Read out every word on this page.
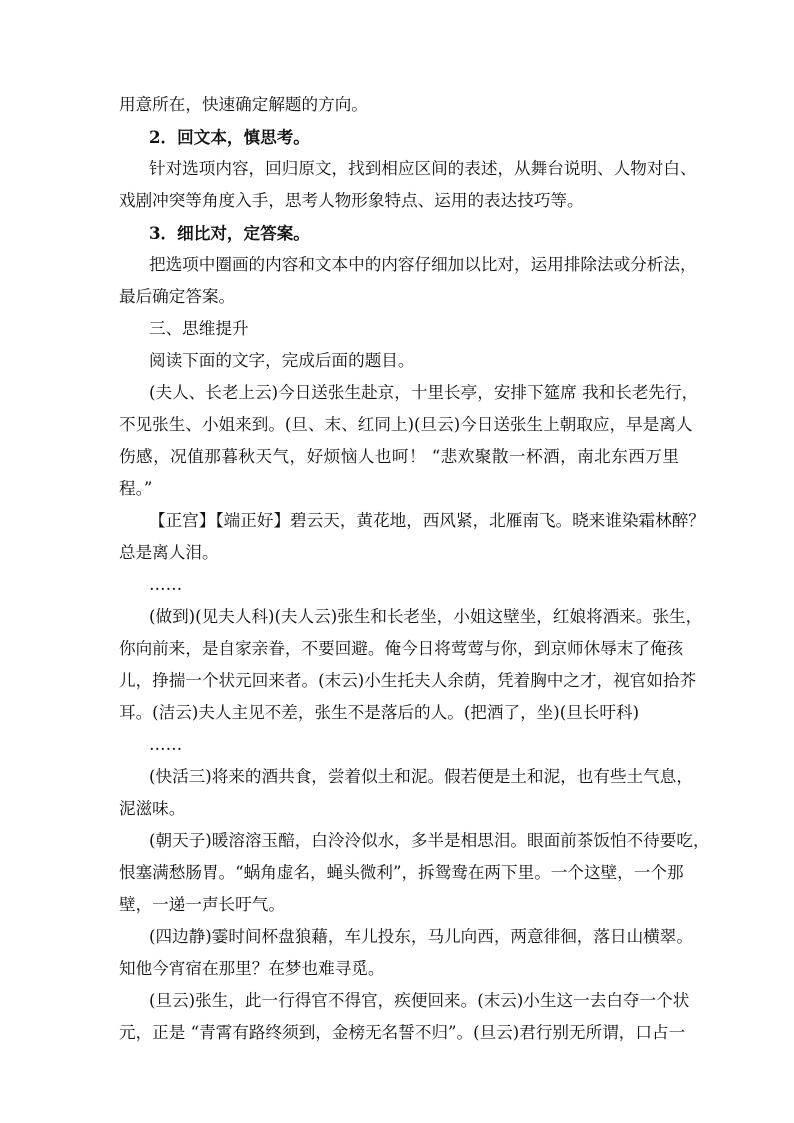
用意所在，快速确定解题的方向。
2．回文本，慎思考。
针对选项内容，回归原文，找到相应区间的表述，从舞台说明、人物对白、
戏剧冲突等角度入手，思考人物形象特点、运用的表达技巧等。
3．细比对，定答案。
把选项中圈画的内容和文本中的内容仔细加以比对，运用排除法或分析法，
最后确定答案。
三、思维提升
阅读下面的文字，完成后面的题目。
(夫人、长老上云)今日送张生赴京，十里长亭，安排下筵席 我和长老先行，
不见张生、小姐来到。(旦、末、红同上)(旦云)今日送张生上朝取应，早是离人
伤感，况值那暮秋天气，好烦恼人也呵！ “悲欢聚散一杯酒，南北东西万里
程。”
【正宫】【端正好】碧云天，黄花地，西风紧，北雁南飞。晓来谁染霜林醉？
总是离人泪。
……
(做到)(见夫人科)(夫人云)张生和长老坐，小姐这壁坐，红娘将酒来。张生，
你向前来，是自家亲眷，不要回避。俺今日将莺莺与你，到京师休辱末了俺孩
儿，挣揣一个状元回来者。(末云)小生托夫人余荫，凭着胸中之才，视官如拾芥
耳。(洁云)夫人主见不差，张生不是落后的人。(把酒了，坐)(旦长吁科)
……
(快活三)将来的酒共食，尝着似土和泥。假若便是土和泥，也有些土气息，
泥滋味。
(朝天子)暖溶溶玉醅，白泠泠似水，多半是相思泪。眼面前茶饭怕不待要吃，
恨塞满愁肠胃。“蜗角虚名，蝇头微利”，拆鸳鸯在两下里。一个这壁，一个那
壁，一递一声长吁气。
(四边静)霎时间杯盘狼藉，车儿投东，马儿向西，两意徘徊，落日山横翠。
知他今宵宿在那里？在梦也难寻觅。
(旦云)张生，此一行得官不得官，疾便回来。(末云)小生这一去白夺一个状
元，正是 “青霄有路终须到，金榜无名誓不归”。(旦云)君行别无所谓，口占一
